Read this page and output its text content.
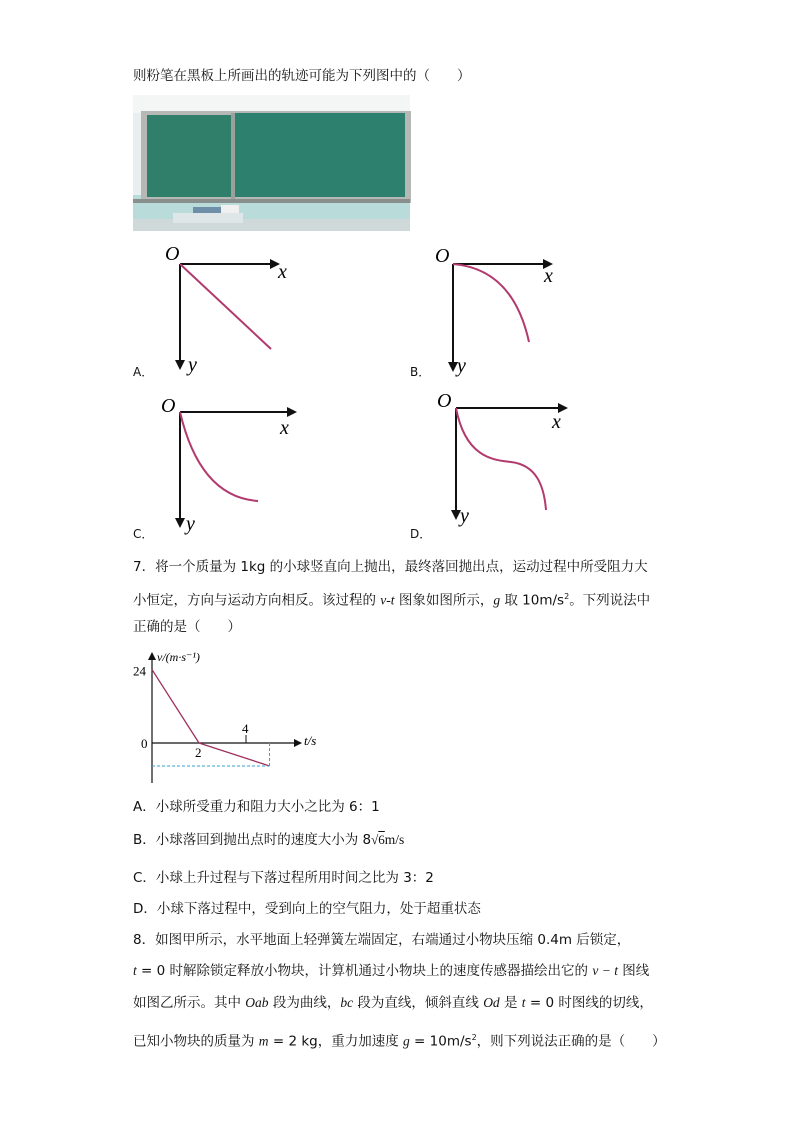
则粉笔在黑板上所画出的轨迹可能为下列图中的（　　）
O
x
y
A．
O
x
y
B．
O
x
y
C．
O
x
y
D．
7．将一个质量为 1kg 的小球竖直向上抛出，最终落回抛出点，运动过程中所受阻力大
小恒定，方向与运动方向相反。该过程的 v-t 图象如图所示，g 取 $10m/s^2$。下列说法中
正确的是（　　）
0
2
4
24
v/(m·s⁻¹)
t/s
A．小球所受重力和阻力大小之比为 6：1
B．小球落回到抛出点时的速度大小为 8√6m/s
C．小球上升过程与下落过程所用时间之比为 3：2
D．小球下落过程中，受到向上的空气阻力，处于超重状态
8．如图甲所示，水平地面上轻弹簧左端固定，右端通过小物块压缩 0.4m 后锁定，
t = 0 时解除锁定释放小物块，计算机通过小物块上的速度传感器描绘出它的 v − t 图线
如图乙所示。其中 Oab 段为曲线，bc 段为直线，倾斜直线 Od 是 t = 0 时图线的切线，
已知小物块的质量为 m = 2 kg，重力加速度 $g = 10m/s^2$，则下列说法正确的是（　　）
